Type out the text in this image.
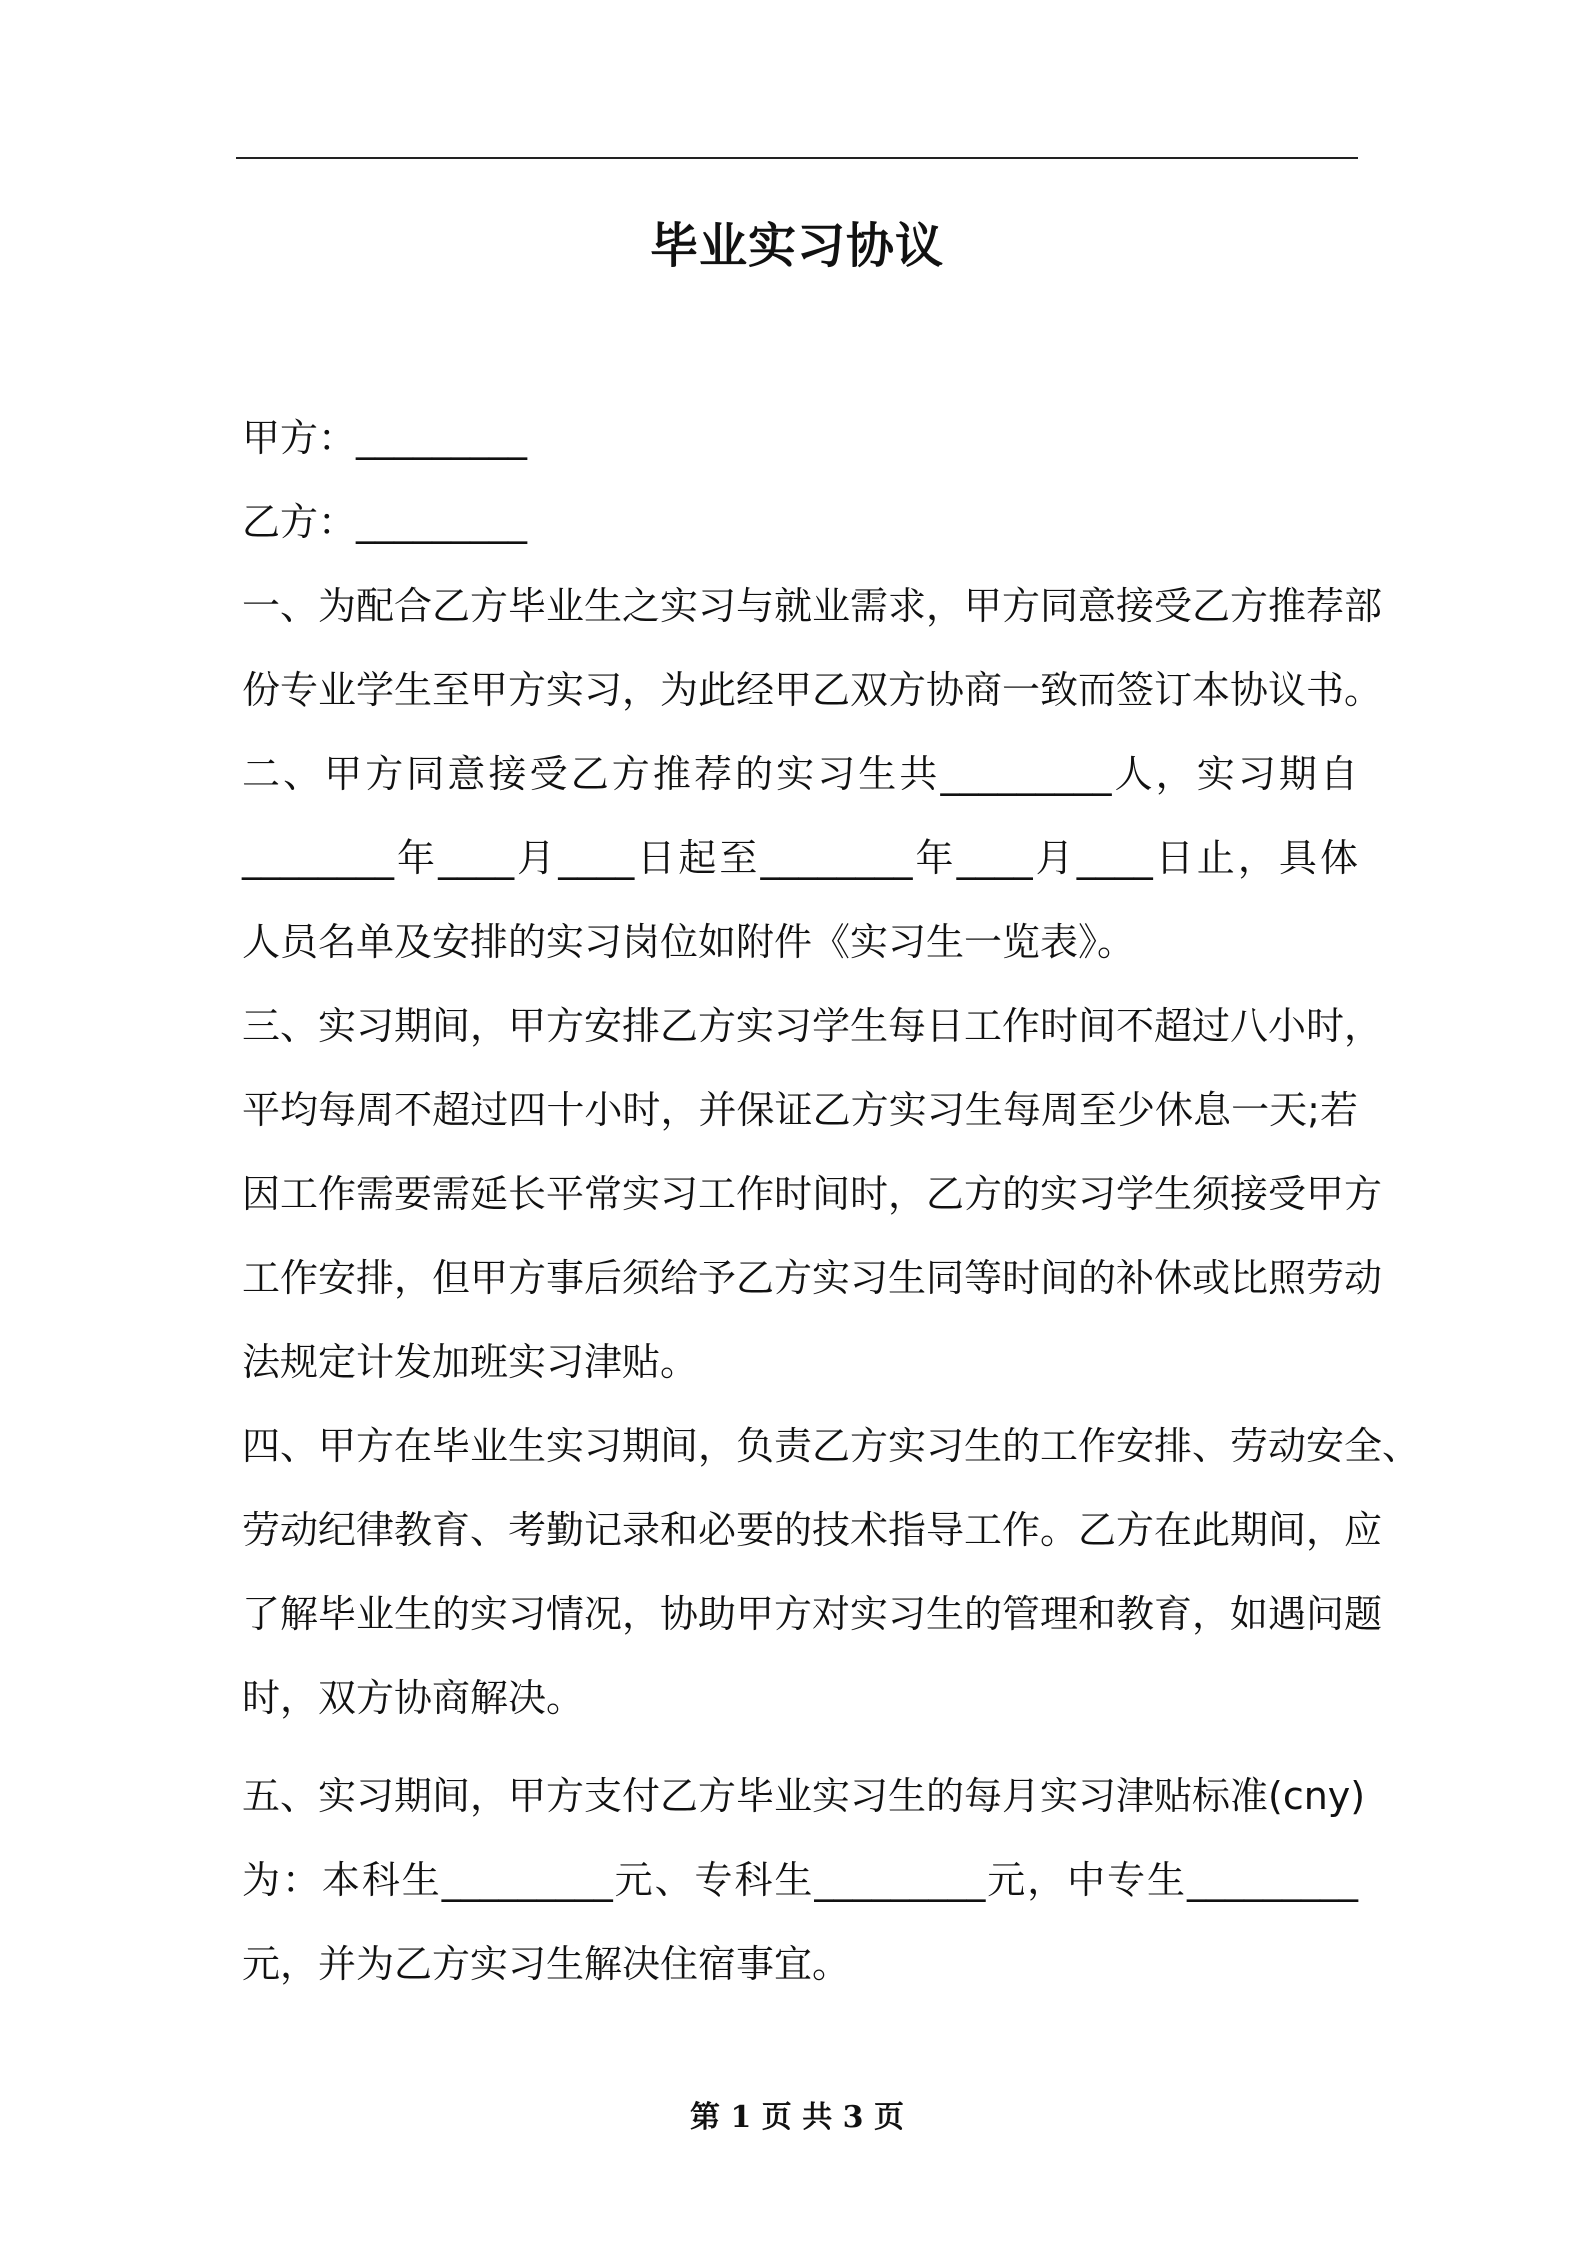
毕业实习协议
甲方：_________
乙方：_________
一、为配合乙方毕业生之实习与就业需求，甲方同意接受乙方推荐部
份专业学生至甲方实习，为此经甲乙双方协商一致而签订本协议书。
二、甲方同意接受乙方推荐的实习生共_________人，实习期自
________年____月____日起至________年____月____日止，具体
人员名单及安排的实习岗位如附件《实习生一览表》。
三、实习期间，甲方安排乙方实习学生每日工作时间不超过八小时，
平均每周不超过四十小时，并保证乙方实习生每周至少休息一天;若
因工作需要需延长平常实习工作时间时，乙方的实习学生须接受甲方
工作安排，但甲方事后须给予乙方实习生同等时间的补休或比照劳动
法规定计发加班实习津贴。
四、甲方在毕业生实习期间，负责乙方实习生的工作安排、劳动安全、
劳动纪律教育、考勤记录和必要的技术指导工作。乙方在此期间，应
了解毕业生的实习情况，协助甲方对实习生的管理和教育，如遇问题
时，双方协商解决。
五、实习期间，甲方支付乙方毕业实习生的每月实习津贴标准(cny)
为：本科生_________元、专科生_________元，中专生_________
元，并为乙方实习生解决住宿事宜。
第 1 页 共 3 页
